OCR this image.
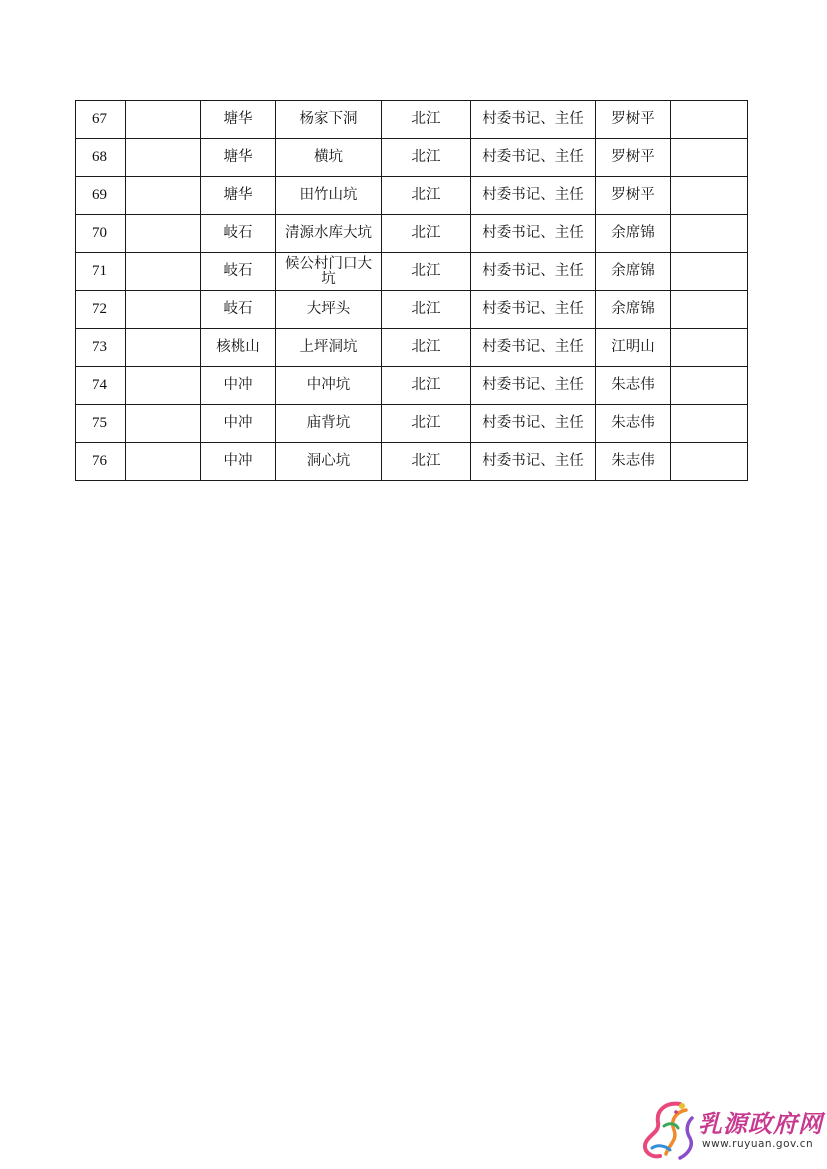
67		塘华	杨家下洞	北江	村委书记、主任	罗树平	
68		塘华	横坑	北江	村委书记、主任	罗树平	
69		塘华	田竹山坑	北江	村委书记、主任	罗树平	
70		岐石	清源水库大坑	北江	村委书记、主任	余席锦	
71		岐石	候公村门口大坑	北江	村委书记、主任	余席锦	
72		岐石	大坪头	北江	村委书记、主任	余席锦	
73		核桃山	上坪洞坑	北江	村委书记、主任	江明山	
74		中冲	中冲坑	北江	村委书记、主任	朱志伟	
75		中冲	庙背坑	北江	村委书记、主任	朱志伟	
76		中冲	洞心坑	北江	村委书记、主任	朱志伟	
乳源政府网
www.ruyuan.gov.cn
